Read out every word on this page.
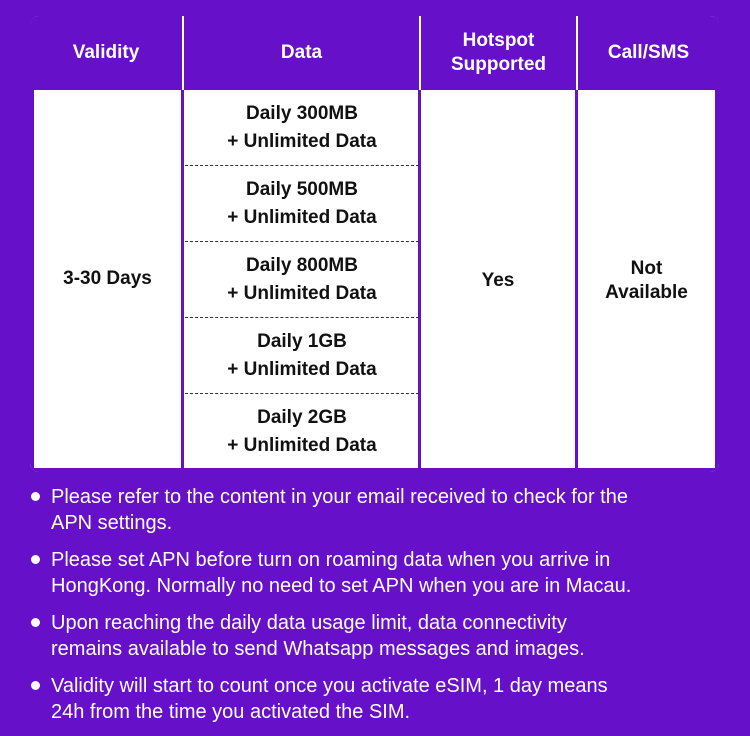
Validity	Data
Hotspot
Supported
Call/SMS
3-30 Days
Daily 300MB
+ Unlimited Data
Daily 500MB
+ Unlimited Data
Daily 800MB
+ Unlimited Data
Daily 1GB
+ Unlimited Data
Daily 2GB
+ Unlimited Data
Yes
Not
Available
Please refer to the content in your email received to check for the
APN settings.
Please set APN before turn on roaming data when you arrive in
HongKong. Normally no need to set APN when you are in Macau.
Upon reaching the daily data usage limit, data connectivity
remains available to send Whatsapp messages and images.
Validity will start to count once you activate eSIM, 1 day means
24h from the time you activated the SIM.
